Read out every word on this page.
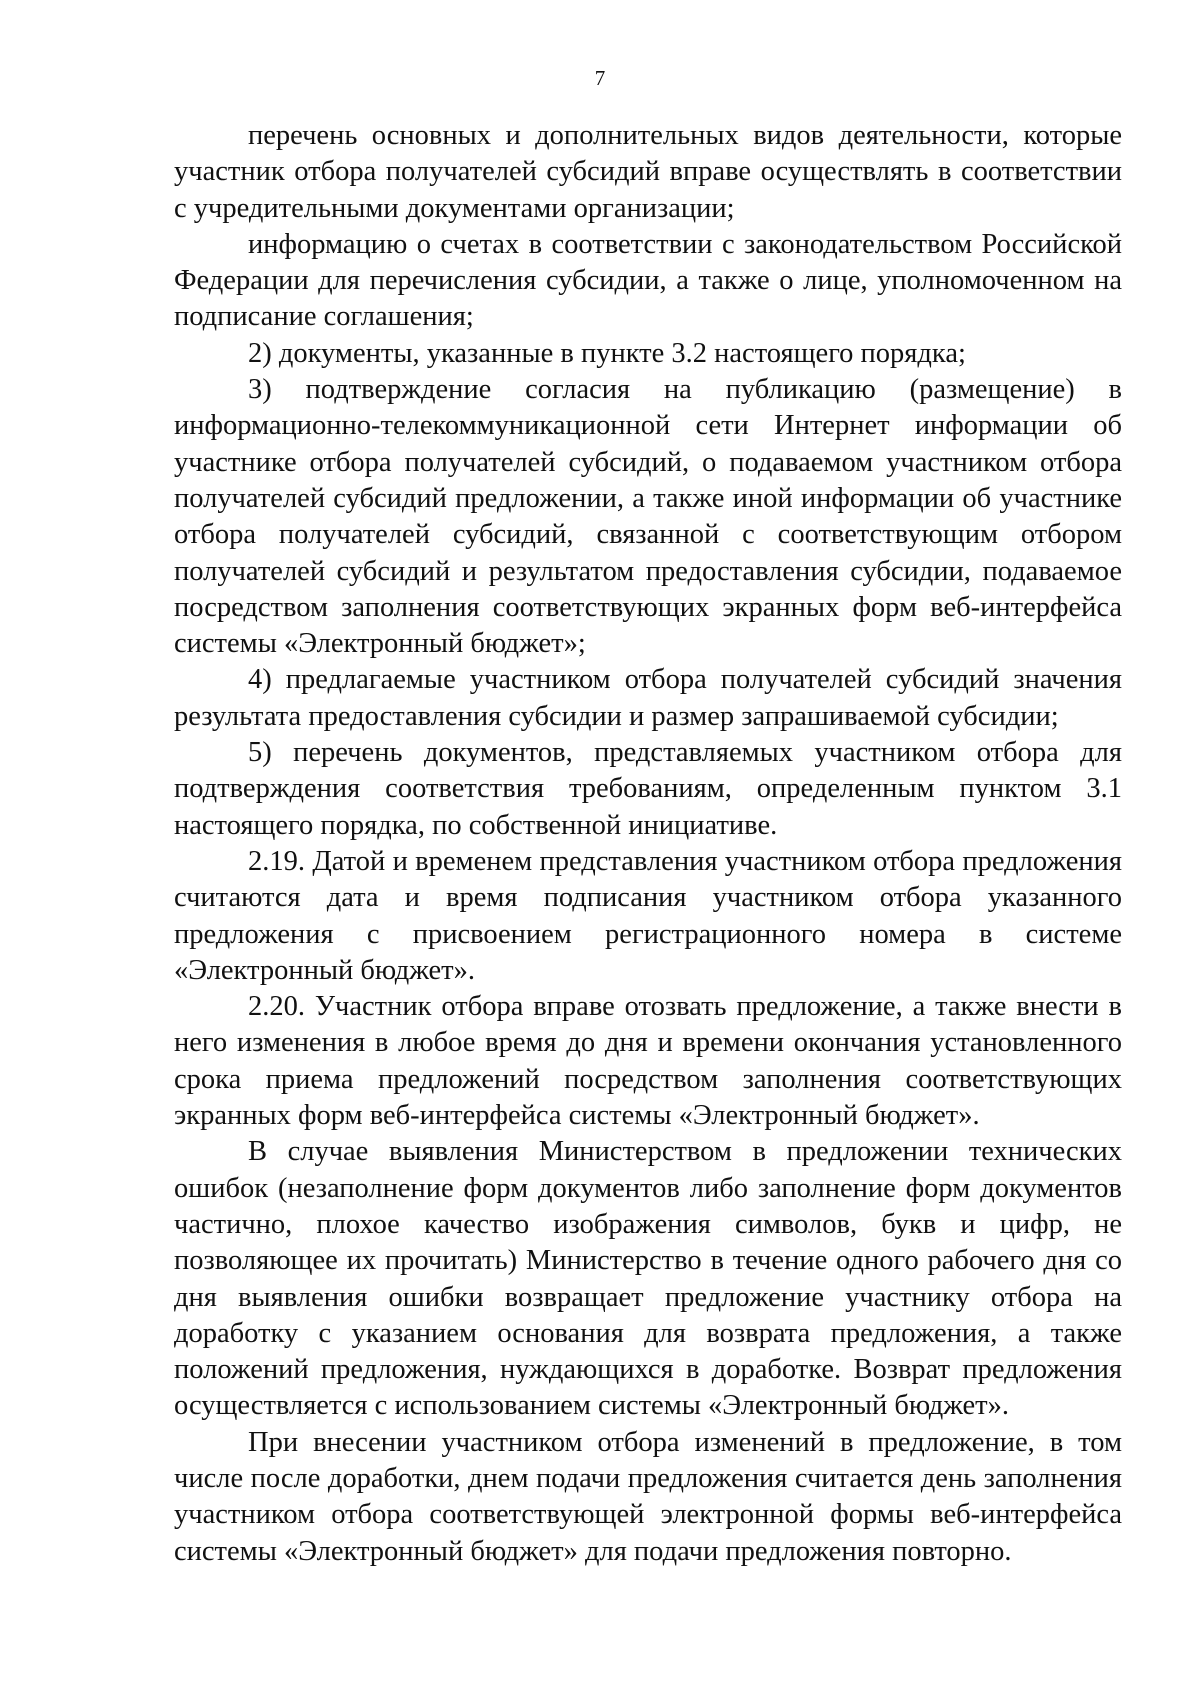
7

перечень основных и дополнительных видов деятельности, которые участник отбора получателей субсидий вправе осуществлять в соответствии с учредительными документами организации;

информацию о счетах в соответствии с законодательством Российской Федерации для перечисления субсидии, а также о лице, уполномоченном на подписание соглашения;

2) документы, указанные в пункте 3.2 настоящего порядка;

3) подтверждение согласия на публикацию (размещение) в информационно-телекоммуникационной сети Интернет информации об участнике отбора получателей субсидий, о подаваемом участником отбора получателей субсидий предложении, а также иной информации об участнике отбора получателей субсидий, связанной с соответствующим отбором получателей субсидий и результатом предоставления субсидии, подаваемое посредством заполнения соответствующих экранных форм веб-интерфейса системы «Электронный бюджет»;

4) предлагаемые участником отбора получателей субсидий значения результата предоставления субсидии и размер запрашиваемой субсидии;

5) перечень документов, представляемых участником отбора для подтверждения соответствия требованиям, определенным пунктом 3.1 настоящего порядка, по собственной инициативе.

2.19. Датой и временем представления участником отбора предложения считаются дата и время подписания участником отбора указанного предложения с присвоением регистрационного номера в системе «Электронный бюджет».

2.20. Участник отбора вправе отозвать предложение, а также внести в него изменения в любое время до дня и времени окончания установленного срока приема предложений посредством заполнения соответствующих экранных форм веб-интерфейса системы «Электронный бюджет».

В случае выявления Министерством в предложении технических ошибок (незаполнение форм документов либо заполнение форм документов частично, плохое качество изображения символов, букв и цифр, не позволяющее их прочитать) Министерство в течение одного рабочего дня со дня выявления ошибки возвращает предложение участнику отбора на доработку с указанием основания для возврата предложения, а также положений предложения, нуждающихся в доработке. Возврат предложения осуществляется с использованием системы «Электронный бюджет».

При внесении участником отбора изменений в предложение, в том числе после доработки, днем подачи предложения считается день заполнения участником отбора соответствующей электронной формы веб-интерфейса системы «Электронный бюджет» для подачи предложения повторно.
